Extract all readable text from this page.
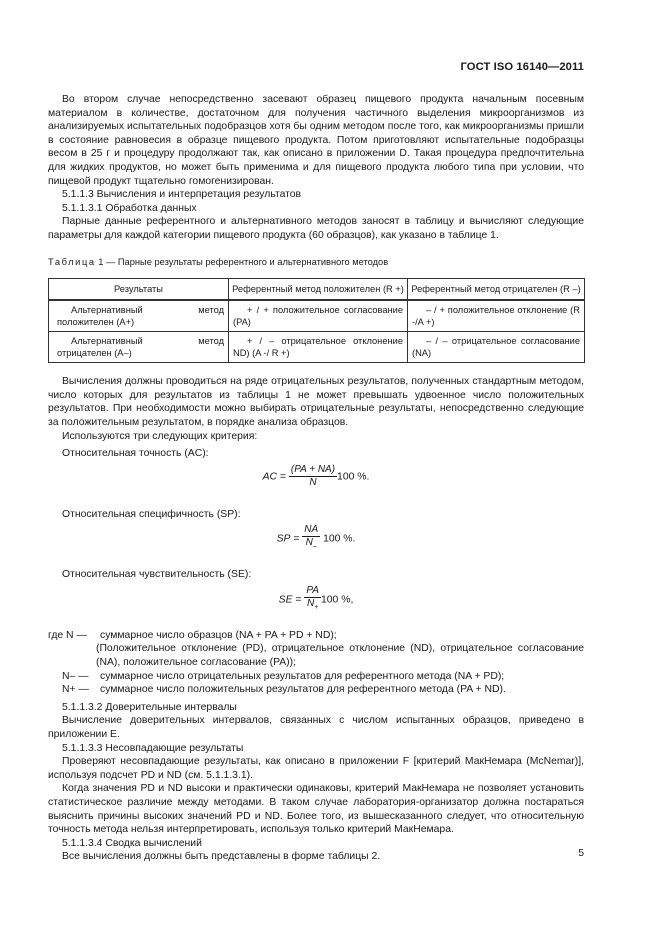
ГОСТ ISO 16140—2011

Во втором случае непосредственно засевают образец пищевого продукта начальным посевным материалом в количестве, достаточном для получения частичного выделения микроорганизмов из анализируемых испытательных подобразцов хотя бы одним методом после того, как микроорганизмы пришли в состояние равновесия в образце пищевого продукта. Потом приготовляют испытательные подобразцы весом в 25 г и процедуру продолжают так, как описано в приложении D. Такая процедура предпочтительна для жидких продуктов, но может быть применима и для пищевого продукта любого типа при условии, что пищевой продукт тщательно гомогенизирован.

5.1.1.3 Вычисления и интерпретация результатов

5.1.1.3.1 Обработка данных

Парные данные референтного и альтернативного методов заносят в таблицу и вычисляют следующие параметры для каждой категории пищевого продукта (60 образцов), как указано в таблице 1.

Таблица 1 — Парные результаты референтного и альтернативного методов
Результаты	Референтный метод положителен (R +)	Референтный метод отрицателен (R –)
Альтернативный метод положителен (А+)	+ / + положительное согласование (PA)	– / + положительное отклонение (R -/A +)
Альтернативный метод отрицателен (А–)	+ / – отрицательное отклонение ND) (A -/ R +)	– / – отрицательное согласование (NA)

Вычисления должны проводиться на ряде отрицательных результатов, полученных стандартным методом, число которых для результатов из таблицы 1 не может превышать удвоенное число положительных результатов. При необходимости можно выбирать отрицательные результаты, непосредственно следующие за положительным результатом, в порядке анализа образцов.

Используются три следующих критерия:

Относительная точность (AC):

AC = $\frac{(PA + NA)}{N} 100$ %.

Относительная специфичность (SP):

SP = $\frac{NA}{N_-} 100$ %.

Относительная чувствительность (SE):

SE = $\frac{PA}{N_+} 100$ %,
где N —	суммарное число образцов (NA + PA + PD + ND);
(Положительное отклонение (PD), отрицательное отклонение (ND), отрицательное согласование (NA), положительное согласование (PA));
N– —	суммарное число отрицательных результатов для референтного метода (NA + PD);
N+ —	суммарное число положительных результатов для референтного метода (PA + ND).

5.1.1.3.2 Доверительные интервалы

Вычисление доверительных интервалов, связанных с числом испытанных образцов, приведено в приложении Е.

5.1.1.3.3 Несовпадающие результаты

Проверяют несовпадающие результаты, как описано в приложении F [критерий МакНемара (McNemar)], используя подсчет PD и ND (см. 5.1.1.3.1).

Когда значения PD и ND высоки и практически одинаковы, критерий МакНемара не позволяет установить статистическое различие между методами. В таком случае лаборатория-организатор должна постараться выяснить причины высоких значений PD и ND. Более того, из вышесказанного следует, что относительную точность метода нельзя интерпретировать, используя только критерий МакНемара.

5.1.1.3.4 Сводка вычислений

Все вычисления должны быть представлены в форме таблицы 2.	5
